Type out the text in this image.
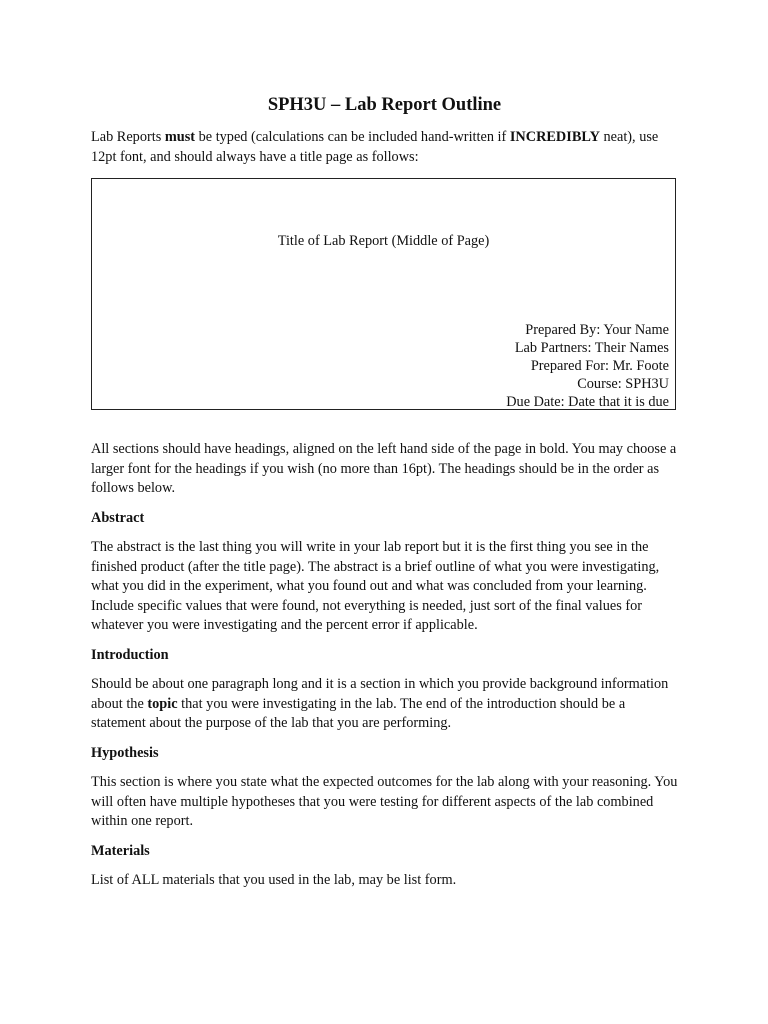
SPH3U – Lab Report Outline

Lab Reports must be typed (calculations can be included hand-written if INCREDIBLY neat), use 12pt font, and should always have a title page as follows:

Title of Lab Report (Middle of Page)
Prepared By: Your Name
Lab Partners: Their Names
Prepared For: Mr. Foote
Course: SPH3U
Due Date: Date that it is due

All sections should have headings, aligned on the left hand side of the page in bold. You may choose a larger font for the headings if you wish (no more than 16pt). The headings should be in the order as follows below.

Abstract

The abstract is the last thing you will write in your lab report but it is the first thing you see in the finished product (after the title page). The abstract is a brief outline of what you were investigating, what you did in the experiment, what you found out and what was concluded from your learning. Include specific values that were found, not everything is needed, just sort of the final values for whatever you were investigating and the percent error if applicable.

Introduction

Should be about one paragraph long and it is a section in which you provide background information about the topic that you were investigating in the lab. The end of the introduction should be a statement about the purpose of the lab that you are performing.

Hypothesis

This section is where you state what the expected outcomes for the lab along with your reasoning. You will often have multiple hypotheses that you were testing for different aspects of the lab combined within one report.

Materials

List of ALL materials that you used in the lab, may be list form.
